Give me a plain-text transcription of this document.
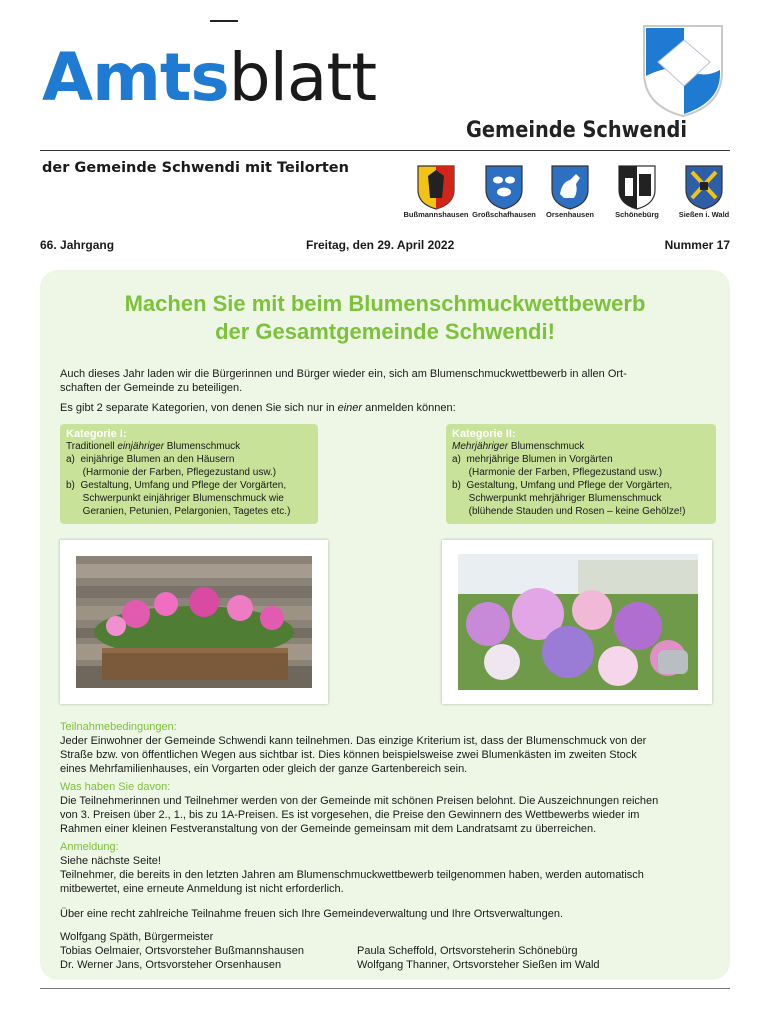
Amtsblatt
Gemeinde Schwendi
der Gemeinde Schwendi mit Teilorten
Bußmannshausen Großschafhausen	Orsenhausen	Schönebürg	Sießen i. Wald
66. Jahrgang	Freitag, den 29. April 2022	Nummer 17
Machen Sie mit beim Blumenschmuckwettbewerb
der Gesamtgemeinde Schwendi!
Auch dieses Jahr laden wir die Bürgerinnen und Bürger wieder ein, sich am Blumenschmuckwettbewerb in allen Ort-
schaften der Gemeinde zu beteiligen.
Es gibt 2 separate Kategorien, von denen Sie sich nur in einer anmelden können:
Kategorie I:
Traditionell einjähriger Blumenschmuck
a)  einjährige Blumen an den Häusern
(Harmonie der Farben, Pflegezustand usw.)
b)  Gestaltung, Umfang und Pflege der Vorgärten,
Schwerpunkt einjähriger Blumenschmuck wie
Geranien, Petunien, Pelargonien, Tagetes etc.)
Kategorie II:
Mehrjähriger Blumenschmuck
a)  mehrjährige Blumen in Vorgärten
(Harmonie der Farben, Pflegezustand usw.)
b)  Gestaltung, Umfang und Pflege der Vorgärten,
Schwerpunkt mehrjähriger Blumenschmuck
(blühende Stauden und Rosen – keine Gehölze!)
Teilnahmebedingungen:
Jeder Einwohner der Gemeinde Schwendi kann teilnehmen. Das einzige Kriterium ist, dass der Blumenschmuck von der
Straße bzw. von öffentlichen Wegen aus sichtbar ist. Dies können beispielsweise zwei Blumenkästen im zweiten Stock
eines Mehrfamilienhauses, ein Vorgarten oder gleich der ganze Gartenbereich sein.
Was haben Sie davon:
Die Teilnehmerinnen und Teilnehmer werden von der Gemeinde mit schönen Preisen belohnt. Die Auszeichnungen reichen
von 3. Preisen über 2., 1., bis zu 1A-Preisen. Es ist vorgesehen, die Preise den Gewinnern des Wettbewerbs wieder im
Rahmen einer kleinen Festveranstaltung von der Gemeinde gemeinsam mit dem Landratsamt zu überreichen.
Anmeldung:
Siehe nächste Seite!
Teilnehmer, die bereits in den letzten Jahren am Blumenschmuckwettbewerb teilgenommen haben, werden automatisch
mitbewertet, eine erneute Anmeldung ist nicht erforderlich.
Über eine recht zahlreiche Teilnahme freuen sich Ihre Gemeindeverwaltung und Ihre Ortsverwaltungen.
Wolfgang Späth, Bürgermeister
Tobias Oelmaier, Ortsvorsteher Bußmannshausen
Dr. Werner Jans, Ortsvorsteher Orsenhausen
Paula Scheffold, Ortsvorsteherin Schönebürg
Wolfgang Thanner, Ortsvorsteher Sießen im Wald
